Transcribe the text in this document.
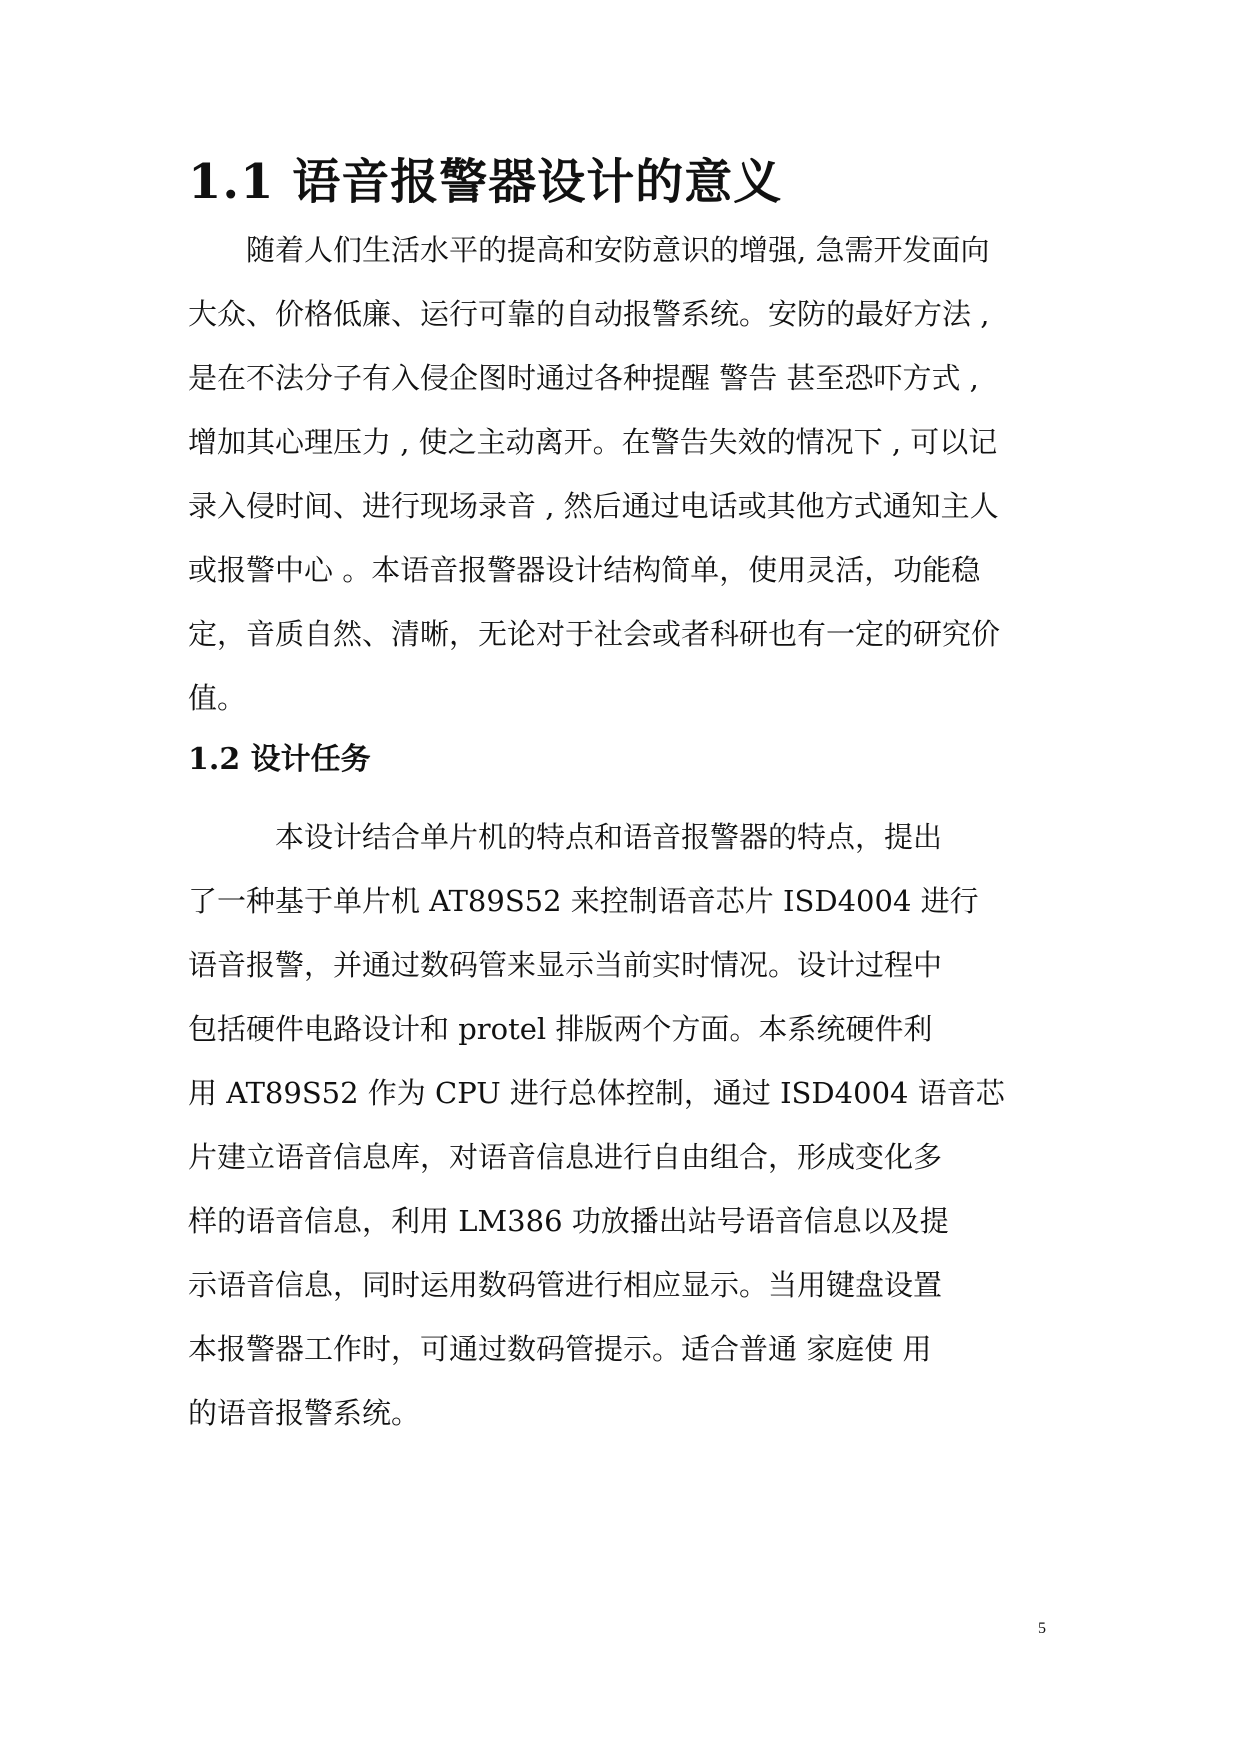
1.1 语音报警器设计的意义
　　随着人们生活水平的提高和安防意识的增强, 急需开发面向
大众、价格低廉、运行可靠的自动报警系统。安防的最好方法 ,
是在不法分子有入侵企图时通过各种提醒 警告 甚至恐吓方式 ,
增加其心理压力 , 使之主动离开。在警告失效的情况下 , 可以记
录入侵时间、进行现场录音 , 然后通过电话或其他方式通知主人
或报警中心 。本语音报警器设计结构简单，使用灵活，功能稳
定，音质自然、清晰，无论对于社会或者科研也有一定的研究价
值。
1.2 设计任务
　　　本设计结合单片机的特点和语音报警器的特点，提出
了一种基于单片机 AT89S52 来控制语音芯片 ISD4004 进行
语音报警，并通过数码管来显示当前实时情况。设计过程中
包括硬件电路设计和 protel 排版两个方面。本系统硬件利
用 AT89S52 作为 CPU 进行总体控制，通过 ISD4004 语音芯
片建立语音信息库，对语音信息进行自由组合，形成变化多
样的语音信息，利用 LM386 功放播出站号语音信息以及提
示语音信息，同时运用数码管进行相应显示。当用键盘设置
本报警器工作时，可通过数码管提示。适合普通 家庭使 用
的语音报警系统。
5
